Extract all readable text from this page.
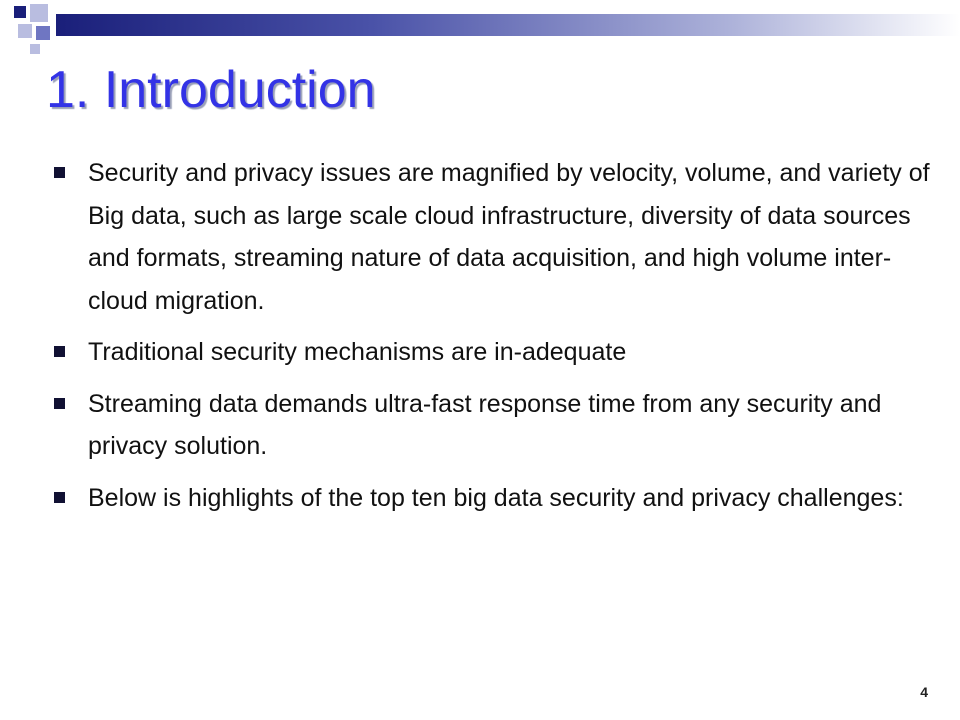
1. Introduction
Security and privacy issues are magnified by velocity, volume, and variety of Big data, such as large scale cloud infrastructure, diversity of data sources and formats, streaming nature of data acquisition, and high volume inter-cloud migration.
Traditional security mechanisms are in-adequate
Streaming data demands ultra-fast response time from any security and privacy solution.
Below is highlights of the top ten big data security and privacy challenges:
4
